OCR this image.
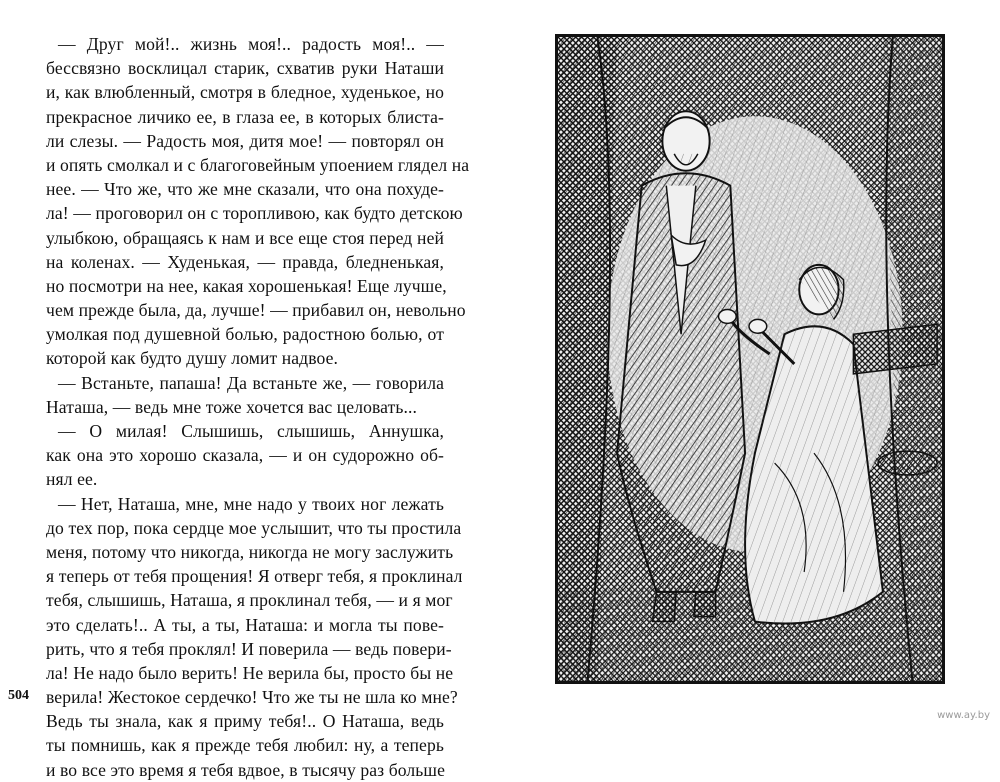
— Друг мой!.. жизнь моя!.. радость моя!.. —
бессвязно восклицал старик, схватив руки Наташи
и, как влюбленный, смотря в бледное, худенькое, но
прекрасное личико ее, в глаза ее, в которых блиста-
ли слезы. — Радость моя, дитя мое! — повторял он
и опять смолкал и с благоговейным упоением глядел на
нее. — Что же, что же мне сказали, что она похуде-
ла! — проговорил он с торопливою, как будто детскою
улыбкою, обращаясь к нам и все еще стоя перед ней
на коленах. — Худенькая, — правда, бледненькая,
но посмотри на нее, какая хорошенькая! Еще лучше,
чем прежде была, да, лучше! — прибавил он, невольно
умолкая под душевной болью, радостною болью, от
которой как будто душу ломит надвое.
— Встаньте, папаша! Да встаньте же, — говорила
Наташа, — ведь мне тоже хочется вас целовать...
— О милая! Слышишь, слышишь, Аннушка,
как она это хорошо сказала, — и он судорожно об-
нял ее.
— Нет, Наташа, мне, мне надо у твоих ног лежать
до тех пор, пока сердце мое услышит, что ты простила
меня, потому что никогда, никогда не могу заслужить
я теперь от тебя прощения! Я отверг тебя, я проклинал
тебя, слышишь, Наташа, я проклинал тебя, — и я мог
это сделать!.. А ты, а ты, Наташа: и могла ты пове-
рить, что я тебя проклял! И поверила — ведь повери-
ла! Не надо было верить! Не верила бы, просто бы не
верила! Жестокое сердечко! Что же ты не шла ко мне?
Ведь ты знала, как я приму тебя!.. О Наташа, ведь
ты помнишь, как я прежде тебя любил: ну, а теперь
и во все это время я тебя вдвое, в тысячу раз больше
504
www.ay.by
